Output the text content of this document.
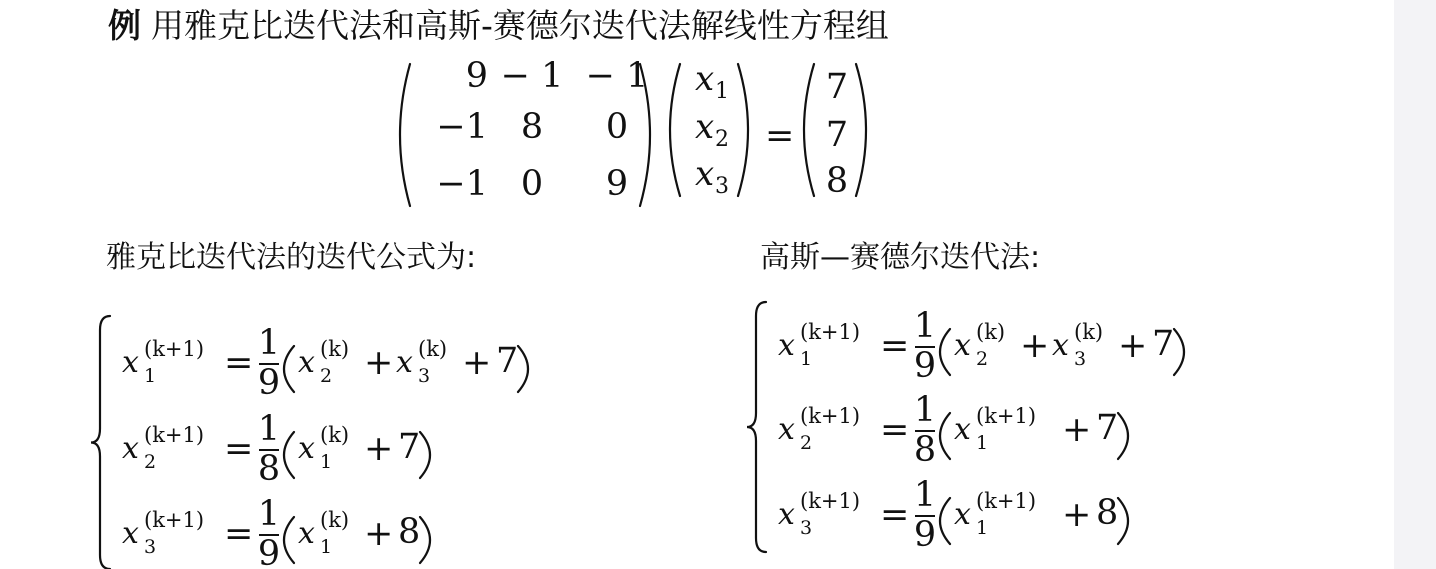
例 用雅克比迭代法和高斯-赛德尔迭代法解线性方程组
9 − 1 − 1
−1 8 0
−1 0 9
x 1
x 2
x 3
=
7
7
8
x 1
(k+1) = 1
9
x 2
(k) + x 3
(k) + 7
x 2
(k+1) = 1
8
x 1
(k) + 7
x 3
(k+1) = 1
9
x 1
(k) + 8
x 1
(k+1) = 1
9
x 2
(k) + x 3
(k) + 7
x 2
(k+1) = 1
8
x 1
(k+1) + 7
x 3
(k+1) = 1
9
x 1
(k+1) + 8
雅克比迭代法的迭代公式为:	高斯—赛德尔迭代法:
